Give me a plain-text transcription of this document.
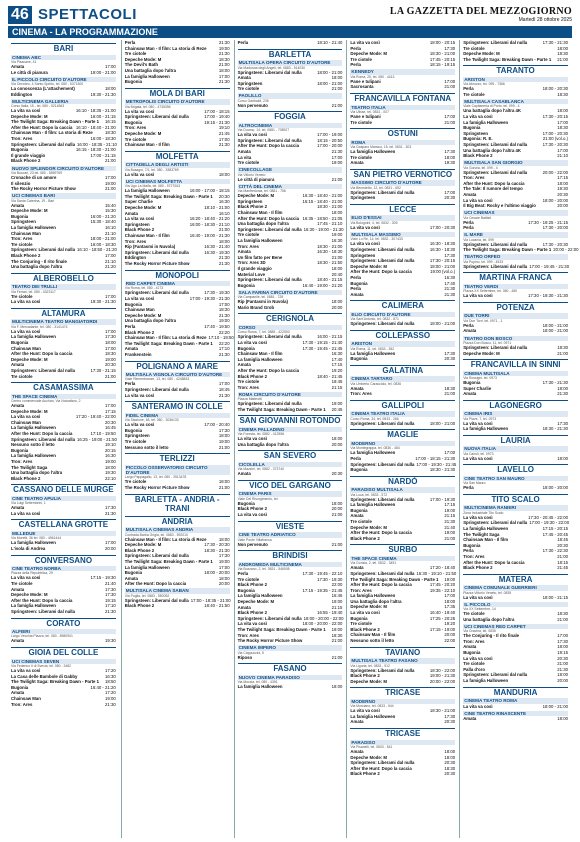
46 SPETTACOLI	LA GAZZETTA DEL MEZZOGIORNO
Martedì 28 ottobre 2025
CINEMA - LA PROGRAMMAZIONE
BARI
CINEMA ABC
Via Pisacane, 41
Amata	17:00
Le città di pianura	19:00 - 21:00
IL PICCOLO CIRCUITO D'AUTORE
Via Omodeo, 4 Santo Spirito, tel. 080 - 5371500
La conoscenza (L'attachement)	18:00
Eddington	19:30 - 21:30
MULTICINEMA GALLERIA
Corso Italia, 15 - tel. 080 - 5214563
La vita va così	16:10 - 18:35 - 21:00
Depeche Mode: M	16:00 - 21:15
The Twilight Saga: Breaking Dawn - Parte 1	16:15
After the Hunt: Dopo la caccia 16:10 - 18:40 - 21:00
Chainsaw Man - Il film: La storia di Reze	18:30
Tron: Ares	16:00 - 18:30
Springsteen: Liberami dal nulla 16:00 - 18:35 - 21:10
Bugonia	16:15 - 18:30 - 21:00
Il grande viaggio	17:00 - 21:15
Black Phone 2	21:00
NUOVO SPLENDOR CIRCUITO D'AUTORE
Via Buccari, 23 tel. 080 - 5559769
Cronache di un amore	17:00
Il silenzio	19:00
The Rocky Horror Picture Show	21:00
UCI CINEMAS BARI
Via Santa Caterina, 19 - Bari
Amata	15:40
Depeche Mode: M	15:30
Bugonia	16:00 - 21:20
Springsteen	15:30 - 18:40
La famiglia Halloween	16:10
Chainsaw Man	21:10
Tron: Ares	18:00 - 21:00
Tre ciotole	16:00 - 18:30
Springsteen: Liberami dal nulla 16:10 - 18:50 - 21:20
Black Phone 2	17:00
The Conjuring - Il rito finale	21:10
Una battaglia dopo l'altra	21:20
ALBEROBELLO
TEATRO DEI TRULLI
Via Ferrari, tel. 080 - 4323117
Tre ciotole	17:00
La vita va così	19:30 - 21:30
ALTAMURA
MULTICINEMA TEATRO MANGIATORDI
Via F. Mercadante, tel. 080 - 3141474
La vita va così	17:00
La famiglia Halloween	17:30
Bugonia	18:00
Chainsaw Man	17:00
After the Hunt: Dopo la caccia	18:30
Depeche Mode: M	19:00
Amata	20:30
Springsteen: Liberami dal nulla	17:30 - 21:15
Tre ciotole	21:00
CASAMASSIMA
THE SPACE CINEMA
Centro commerciale Auchan, Via Noicattaro, 2
Amata	17:00
Depeche Mode: M	17:15
La vita va così	17:20 - 19:40 - 22:00
Chainsaw Man	20:30
La famiglia Halloween	16:45
After the Hunt: Dopo la caccia	17:10 - 19:50
Springsteen: Liberami dal nulla 16:25 - 19:00 - 21:50
Nessuno sotto il letto	19:10
Bugonia	20:15
La famiglia Halloween	16:30
Tron: Ares	19:00
The Twilight Saga	18:00
Una battaglia dopo l'altra	19:30
Black Phone 2	22:10
CASSANO DELLE MURGE
CINE TEATRO APULIA
Via Luigi Settembrini, 1
Amata	17:30
La vita va così	21:30
CASTELLANA GROTTE
MILLEDUE
Via Moretti, 36 tel. 080 - 4961444
La famiglia Halloween	17:00
L'isola di Andrea	20:00
CONVERSANO
CINE TEATRO NORBA
Piazza della Repubblica, 29
La vita va così	17:15 - 19:30
Tre ciotole	21:40
Amata	17:30
Depeche Mode: M	17:30
After the Hunt: Dopo la caccia	19:15
La famiglia Halloween	17:10
Springsteen: Liberami dal nulla	21:30
CORATO
ALFIERI
Largo Vecchia Piazza, tel. 080 - 8980901
Amata	19:30
GIOIA DEL COLLE
UCI CINEMAS SEVEN
Via Federico II di Svevia, tel. 080 - 3482
La vita va così	17:20
La Casa delle Bambole di Gabby	16:30
The Twilight Saga: Breaking Dawn - Parte 1	18:50
Bugonia	16:40 - 21:20
Amata	17:20
Chainsaw Man	19:00
Tron: Ares	21:30
Perla	21:30
Chainsaw Man - Il film: La storia di Reze	19:00
Tre ciotole	21:30
Depeche Mode: M	18:30
The Devil's Bath	21:00
Una battaglia dopo l'altra	18:00
La famiglia Halloween	17:00
Bugonia	21:30
MOLA DI BARI
METROPOLIS CIRCUITO D'AUTORE
Via Brigata, tel. 080 - 4735396
La vita va così	17:00 - 18:15
Springsteen: Liberami dal nulla	17:00 - 19:40
Bugonia	19:15 - 21:30
Tron: Ares	19:10
Depeche Mode: M	21:45
Tre ciotole	17:00
Chainsaw Man - Il film	21:30
MOLFETTA
CITTADELLA DEGLI ARTISTI
Via Bosagni, 7/1, tel. 080 - 3383769
La vita va così	18:00
UCI CINEMAS MOLFETTA
Via Ugo La Malfa, tel. 080 - 9727063
La famiglia Halloween	16:00 - 17:00 - 18:15
The Twilight Saga: Breaking Dawn - Parte 1	20:30
Super Charlie	16:30
Depeche Mode: M	18:10 - 21:00
Amata	16:10
La vita va così	16:20 - 18:40 - 21:20
Springsteen	16:00 - 18:30 - 21:10
Black Phone 2	21:00
Chainsaw Man - Il film	16:40 - 19:00 - 21:30
Tron: Ares	18:00
Rip (Fantasmi in Nuvola)	16:30 - 21:40
Springsteen: Liberami dal nulla	16:30 - 19:30
Eddington	21:30
The Rocky Horror Picture Show	21:30
MONOPOLI
RED CARPET CINEMA
Via Roma, tel. 080 - 4173
Springsteen: Liberami dal nulla	17:30 - 19:30
La vita va così	17:00 - 19:30 - 21:30
Bugonia	17:00
Chainsaw Man	18:30
Depeche Mode: M	21:30
Una battaglia dopo l'altra	19:00
Perla	17:40 - 19:50
Black Phone 2	22:20
Chainsaw Man - Il film: La storia di Reze 17:10 - 19:50
The Twilight Saga: Breaking Dawn - Parte 1	22:20
Amata	17:10
Frankenstein	21:30
POLIGNANO A MARE
MULTISALA VIGNOLA CIRCUITO D'AUTORE
Viale Rimembranze, 13, tel. 080 - 4248843
Perla	17:00
Springsteen: Liberami dal nulla	18:45
La vita va così	21:30
SANTERAMO IN COLLE
FIDEL CINEMA
Via Stazione, 48, tel. 080 - 3036133
La vita va così	17:00 - 20:40
Bugonia	17:30
Springsteen	18:00
Tre ciotole	19:00
Nessuno sotto il letto	21:00
TERLIZZI
PICCOLO OSSERVATORIO CIRCUITO D'AUTORE
Largo Pappagallo, 13, tel. 080 - 3513478
Tre ciotole	18:00
The Rocky Horror Picture Show	21:00
BARLETTA - ANDRIA - TRANI
ANDRIA
MULTISALA CINEMAS ANDRIA
Contrada Barba Grigia, tel. 0883 - 592010
Chainsaw Man - Il film: La storia di Reze	18:00
Depeche Mode: M	17:30 - 20:30
Black Phone 2	18:30 - 21:30
Springsteen: Liberami dal nulla	17:30
The Twilight Saga: Breaking Dawn - Parte 1	19:00
La famiglia Halloween	17:00
Bugonia	18:00 - 20:00
Amata	18:00
After the Hunt: Dopo la caccia	20:00
MULTISALA CINEMA SABAN
Via Puglia, tel. 0883 - 550052
Springsteen: Liberami dal nulla 17:00 - 18:35 - 21:00
Black Phone 2	18:40 - 21:50
Perla	18:10 - 21:40
BARLETTA
MULTISALA OPERA CIRCUITO D'AUTORE
Via Madonna degli Angeli, tel. 0883 - 514030
Springsteen: Liberami dal nulla	18:00 - 21:00
Amata	18:00
Springsteen	18:00 - 21:00
Tre ciotole	21:00
PAOLILLO
Corso Garibaldi, 235
Non pervenuto	21:00
FOGGIA
ALTROCINEMA
Via Duomo, 14, tel. 0881 - 708927
La vita va così	17:00 - 19:00
Springsteen: Liberami dal nulla	18:15 - 20:50
After the Hunt: Dopo la caccia	17:00 - 20:00
Amata	21:30
La vita	17:00
Tre ciotole	19:00
CINECOLLAGE
Via Vittorio Veneto
Le città di pianura	21:00
CITTÀ DEL CINEMA
Via Manfredonia, tel. 0881 - 756
Depeche Mode: M	16:30 - 18:40 - 21:00
Springsteen	16:15 - 18:40 - 21:00
Black Phone 2	18:30 - 21:00
Chainsaw Man - Il film	18:00
After the Hunt: Dopo la caccia 16:35 - 18:50 - 21:05
Una battaglia dopo l'altra	17:45 - 21:10
Springsteen: Liberami dal nulla 16:30 - 19:00 - 21:30
Tre ciotole	19:00
La famiglia Halloween	16:30
Tron: Ares	18:30 - 21:00
Amata	16:30 - 18:30
Un film fatto per Bene	21:00
Tron: Ares 3D	18:30 - 21:50
Il grande viaggio	18:00
Material Love	20:40
Springsteen: Liberami dal nulla	18:40 - 21:15
Bugonia	16:40 - 19:00 - 21:20
SALA FARINA CIRCUITO D'AUTORE
Via Campanile, tel. 0881 - 728
Rip (Fantasmi in Nuvola)	18:00
Mario Brand Grob	20:00
CERIGNOLA
CORSO
Corso Roma, 7, tel. 0885 - 422500
Springsteen: Liberami dal nulla	16:00 - 21:15
La vita va così	17:30 - 19:15 - 21:40
Bugonia	17:30 - 19:45 - 21:45
Chainsaw Man - Il film	16:30
La famiglia Halloween	17:40
Amata	17:15
After the Hunt: Dopo la caccia	19:20
Black Phone 2	18:40 - 21:45
Tre ciotole	18:45
Tron: Ares	21:15
ROMA CIRCUITO D'AUTORE
Piazza Matteotti
Springsteen: Liberami dal nulla	19:00
The Twilight Saga: Breaking Dawn - Parte 1	20:45
SAN GIOVANNI ROTONDO
CINEMA PALLADINO
Via Foresta, tel. 0882 - 412556
La vita va così	18:00
Una battaglia dopo l'altra	20:00
SAN SEVERO
CICOLELLA
Via Mazzini, tel. 0882 - 373740
Amata	20:30
VICO DEL GARGANO
CINEMA PARIS
Viale Del Risorgimento, tel.
Bugonia	18:00
Black Phone 2	20:00
La vita va così	21:00
VIESTE
CINE TEATRO ADRIATICO
Viale Ponte Villafranca
Non pervenuto	21:00
BRINDISI
ANDROMEDA MULTICINEMA
Via Bozzano, 2, tel. 0831 - 546008
Perla	17:30 - 19:45 - 22:10
Tre ciotole	17:30 - 19:30
Black Phone 2	22:00
Bugonia	17:15 - 19:35 - 21:45
La famiglia Halloween	16:45
Depeche Mode: M	19:00
Amata	21:15
Black Phone 2	16:55 - 19:40
Springsteen: Liberami dal nulla 18:00 - 20:00 - 22:00
La vita va così	18:00 - 20:00 - 22:00
The Twilight Saga: Breaking Dawn - Parte 1	19:00
Tron: Ares	18:30
The Rocky Horror Picture Show	21:00
CINEMA IMPERO
Via Cappuccini, 5
Riposo	21:00
FASANO
NUOVO CINEMA PARADISO
Via Moccia, tel. 080 - 4391
La famiglia Halloween	18:00
La vita va così	18:00 - 20:15
Perla	17:30
Depeche Mode: M	18:30 - 21:00
Tre ciotole	17:45 - 20:15
Perla	18:15 - 19:15
KENNEDY
Via Roma, 25, tel. 080 - 4413
Pane e tulipani	17:00
Sacrosanta	21:00
FRANCAVILLA FONTANA
TEATRO ITALIA
Via Ulisse, tel. 0831 - 007
Pane e tulipani	17:00
Tre ciotole	21:00
OSTUNI
ROMA
Via Gasparo Marsico, 15, tel. 0831 - 303
La famiglia Halloween	17:30
Tre ciotole	18:00
Amata	19:30
SAN PIETRO VERNOTICO
MASSIMO CIRCUITO D'AUTORE
Via Benedetto, 12, tel. 0831 - 652
Springsteen: Liberami dal nulla	17:00
Springsteen	20:30
LECCE
ELIO D'ESSAI
Via Bolognini, 4, tel. 0832 - 305
La vita va così	17:00 - 20:30
MULTISALA MASSIMO
Viale Lo Re, 14, tel. 0832 - 307433
La vita va così	16:30 - 18:30
Springsteen: Liberami dal nulla	16:30 - 18:30
Springsteen	17:30
Springsteen: Liberami dal nulla	17:30 - 20:15
Depeche Mode: M	18:00 - 21:00
After the Hunt: Dopo la caccia	19:00 (vol.o.)
Perla	16:30
Bugonia	17:40
Perla	21:30
Amata	21:30
CALIMERA
ELIO CIRCUITO D'AUTORE
Via Sant'Antonio, tel. 0832 - 871
Springsteen: Liberami dal nulla	18:00 - 21:00
COLLEPASSO
ARISTON
Via Roma, 11, tel. 0833 - 352
La famiglia Halloween	17:30
Bugonia	20:30
GALATINA
CINEMA TARTARO
Via Umberto Caracciolo, tel. 0836
Amata	18:30
Tron: Ares	21:00
GALLIPOLI
CINEMA TEATRO ITALIA
Corso Roma, 34, tel. 0833 - 266
Springsteen: Liberami dal nulla	18:00 - 21:00
MAGLIE
MODERNO
Via Montegrappa, tel. 0836 - 484
La famiglia Halloween	17:00
Perla	17:00 - 18:15 - 21:30
Springsteen: Liberami dal nulla 17:00 - 19:30 - 21:45
Bugonia	18:30 - 21:30
NARDÒ
PARADISO MULTISALA
Via Luca, tel. 0833 - 572
Springsteen: Liberami dal nulla	17:00 - 19:30
La famiglia Halloween	17:15
Bugonia	19:00
Amata	21:15
Tre ciotole	21:30
Depeche Mode: M	21:40
After the Hunt: Dopo la caccia	19:00
Black Phone 2	21:00
SURBO
THE SPACE CINEMA
Via Gorizia, 2, tel. 0832 - 3491
Amata	17:20 - 18:40
Springsteen: Liberami dal nulla 16:30 - 19:10 - 21:50
The Twilight Saga: Breaking Dawn - Parte 1	19:00
After the Hunt: Dopo la caccia	17:45 - 20:20
Tron: Ares	19:35 - 22:10
La famiglia Halloween	17:00
Una battaglia dopo l'altra	18:00
Depeche Mode: M	17:35
La vita va così	16:40 - 19:40
Bugonia	17:25 - 20:25
Tre ciotole	19:20
Black Phone 2	17:15 - 19:00
Chainsaw Man - Il film	20:00
Nessuno sotto il letto	22:00
TAVIANO
MULTISALA TEATRO FASANO
Via Liguria, tel. 0833 - 912
Springsteen: Liberami dal nulla	18:30 - 22:00
Black Phone 2	19:00 - 21:30
Depeche Mode: M	20:00 - 22:00
TRICASE
MODERNO
Via Morciano, tel. 0833 - 544
La vita va così	18:30 - 21:00
La famiglia Halloween	17:30
Amata	20:30
TRICASE
PARADISO
Via Pisanelli, tel. 0833 - 541
Amata	18:00
Depeche Mode: M	18:00
Springsteen: Liberami dal nulla	20:30
After the Hunt: Dopo la caccia	18:30
Black Phone 2	20:30
Springsteen: Liberami dal nulla	17:30 - 21:30
Tre ciotole	18:00
Depeche Mode: M	18:30
The Twilight Saga: Breaking Dawn - Parte 1	21:00
TARANTO
ARISTON
Via Abruzzo, tel. 099 - 7366
Perla	18:00 - 20:30
Tre ciotole	18:30
MULTISALA CASABLANCA
Viale Capitaneria di Porto, tel. 099 - 4
Una battaglia dopo l'altra 4K	18:00
La vita va così	17:30 - 20:15
La famiglia Halloween	17:00
Bugonia	18:30
Springsteen	17:00 - 20:30
Bugonia: R. E.	21:00 (vol.o.)
Springsteen: Liberami dal nulla	17:30 - 20:30
Una battaglia dopo l'altra 4K	17:00
Black Phone 2	21:10
MULTISALA SAN GIORGIO
Via Gorizia, tel. 099 - 4
Springsteen: Liberami dal nulla	20:00 - 22:00
Tron: Ares	17:15
After the Hunt: Dopo la caccia	18:00
The Tale: Il rumore del tempo	19:30
Amata	20:30
La vita va così	18:00 - 20:00
Il Big Beat: Rocky e l'ultimo viaggio	20:00
UCI CINEMAS
Via Cesare Battisti
Perla	17:30 - 19:25 - 21:15
Perla	17:30 - 20:00
IL MARE
Via Lucania, tel. 099
Springsteen: Liberami dal nulla	17:30 - 20:30
The Twilight Saga: Breaking Dawn - Parte 1 20:00 - 22:00
TEATRO ORFEO
Via Pupino, tel. 099 - 4533
Springsteen: Liberami dal nulla 17:00 - 19:45 - 21:30
MARTINA FRANCA
TEATRO VERDI
Piazza XX Settembre, tel. 080 - 480
La vita va così	17:30 - 19:30 - 21:30
POTENZA
DUE TORRI
Via Due Torri, tel. 0971 - 1
Perla	18:00 - 21:00
Amata	18:00 - 21:00
TEATRO DON BOSCO
Piazza Don Bosco, 11, tel. 0971
Springsteen: Liberami dal nulla	18:30
Depeche Mode: M	21:00
FRANCAVILLA IN SINNI
CINEMA MULTISALA
Via Rossigni, tel. 0973
Bugonia	17:30 - 21:30
Super Charlie	18:00
Amata	21:30
LAGONEGRO
CINEMA IRIS
Via Piave, 7, tel. 0973
La vita va così	17:30
La famiglia Halloween	18:30 - 21:30
LAURIA
NUOVA ITALIA
Via Cairoli, tel. 0973
La vita va così	18:00
LAVELLO
CINE TEATRO SAN MAURO
Via San Mauro
Perla	18:00 - 20:00
TITO SCALO
MULTICINEMA RANIERI
Zona Industriale Tito Scalo
La vita va così	17:30 - 20:45 - 22:00
Springsteen: Liberami dal nulla 17:00 - 19:30 - 22:00
La famiglia Halloween	17:15 - 20:15
The Twilight Saga	17:45 - 20:45
Chainsaw Man - Il film	18:45
Bugonia	20:30
Perla	17:30 - 22:30
Tron: Ares	21:00
After the Hunt: Dopo la caccia	18:15
Black Phone 2	21:45
MATERA
CINEMA COMUNALE GUERRIERI
Piazza Vittorio Veneto, tel. 0835
La vita va così	18:00 - 21:15
IL PICCOLO
Via XX Settembre, 14
Tre ciotole	18:30
Una battaglia dopo l'altra	21:00
UCI CINEMAS RED CARPET
Via Gravina, tel. 0835
The Conjuring - Il rito finale	17:00
Tron: Ares	17:30
Amata	18:00
Bugonia	19:15
La vita va così	20:30
Tre ciotole	21:00
Palla d'oro	21:30
Springsteen: Liberami dal nulla	18:00
La famiglia Halloween	20:00
MANDURIA
CINEMA TEATRO ROMA
La vita va così	18:00 - 21:00
CINE TEATRO RINASCENTE
Amata	18:00
